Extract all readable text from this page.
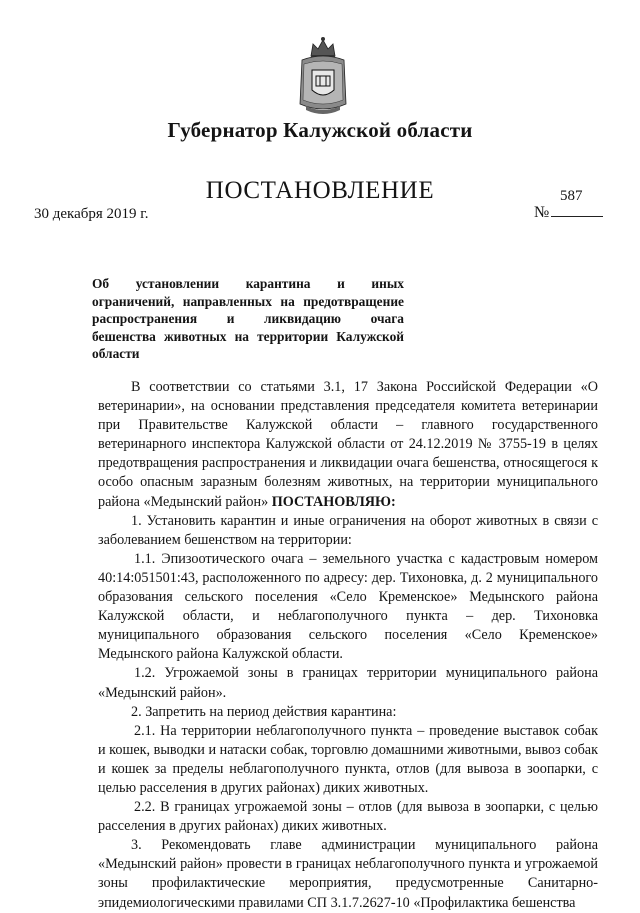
Губернатор Калужской области
ПОСТАНОВЛЕНИЕ
30 декабря 2019 г.	№
587
Об установлении карантина и иных
ограничений, направленных на предотвращение
распространения и ликвидацию очага
бешенства животных на территории Калужской
области

В соответствии со статьями 3.1, 17 Закона Российской Федерации «О ветеринарии», на основании представления председателя комитета ветеринарии при Правительстве Калужской области – главного государственного ветеринарного инспектора Калужской области от 24.12.2019 № 3755-19 в целях предотвращения распространения и ликвидации очага бешенства, относящегося к особо опасным заразным болезням животных, на территории муниципального района «Медынский район» ПОСТАНОВЛЯЮ:

1. Установить карантин и иные ограничения на оборот животных в связи с заболеванием бешенством на территории:

1.1. Эпизоотического очага – земельного участка с кадастровым номером 40:14:051501:43, расположенного по адресу: дер. Тихоновка, д. 2 муниципального образования сельского поселения «Село Кременское» Медынского района Калужской области, и неблагополучного пункта – дер. Тихоновка муниципального образования сельского поселения «Село Кременское» Медынского района Калужской области.

1.2. Угрожаемой зоны в границах территории муниципального района «Медынский район».

2. Запретить на период действия карантина:

2.1. На территории неблагополучного пункта – проведение выставок собак и кошек, выводки и натаски собак, торговлю домашними животными, вывоз собак и кошек за пределы неблагополучного пункта, отлов (для вывоза в зоопарки, с целью расселения в других районах) диких животных.

2.2. В границах угрожаемой зоны – отлов (для вывоза в зоопарки, с целью расселения в других районах) диких животных.

3. Рекомендовать главе администрации муниципального района «Медынский район» провести в границах неблагополучного пункта и угрожаемой зоны профилактические мероприятия, предусмотренные Санитарно-эпидемиологическими правилами СП 3.1.7.2627-10 «Профилактика бешенства
